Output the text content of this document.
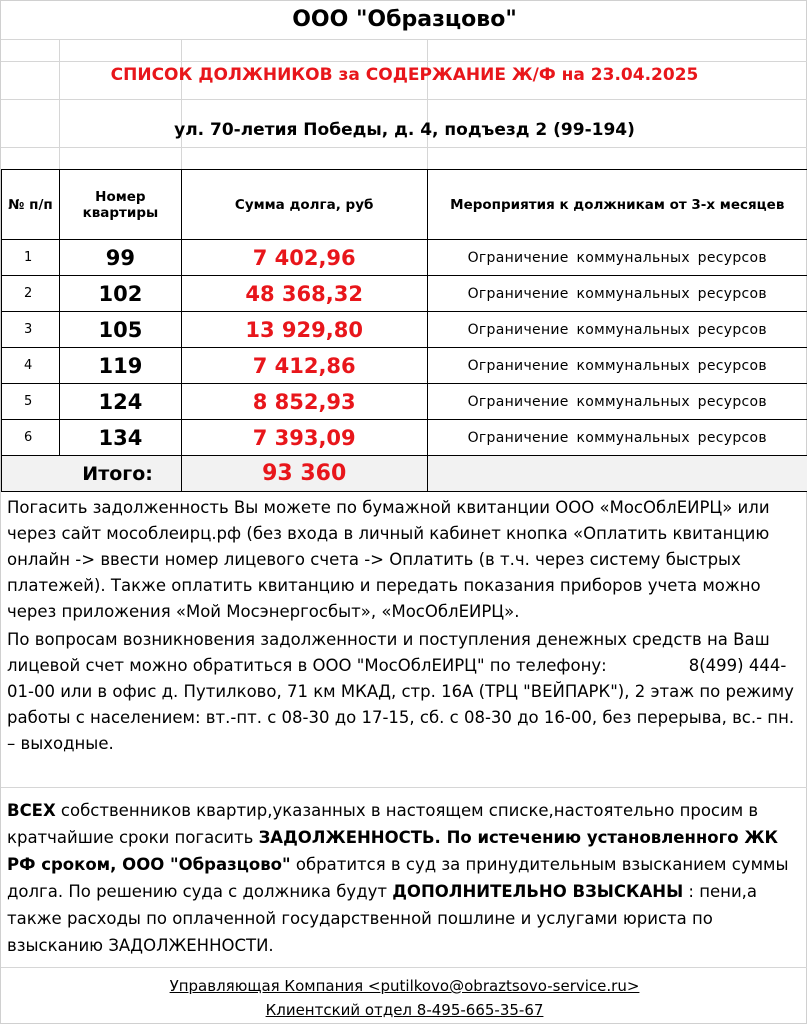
ООО "Образцово"
СПИСОК ДОЛЖНИКОВ за СОДЕРЖАНИЕ Ж/Ф на 23.04.2025
ул. 70-летия Победы, д. 4, подъезд 2 (99-194)
№ п/п	Номер квартиры	Сумма долга, руб	Мероприятия к должникам от 3-х месяцев
1	99	7 402,96	Ограничение коммунальных ресурсов
2	102	48 368,32	Ограничение коммунальных ресурсов
3	105	13 929,80	Ограничение коммунальных ресурсов
4	119	7 412,86	Ограничение коммунальных ресурсов
5	124	8 852,93	Ограничение коммунальных ресурсов
6	134	7 393,09	Ограничение коммунальных ресурсов
Итого:		93 360	
Погасить задолженность Вы можете по бумажной квитанции ООО «МосОблЕИРЦ» или через сайт мособлеирц.рф (без входа в личный кабинет кнопка «Оплатить квитанцию онлайн -> ввести номер лицевого счета -> Оплатить (в т.ч. через систему быстрых платежей). Также оплатить квитанцию и передать показания приборов учета можно через приложения «Мой Мосэнергосбыт», «МосОблЕИРЦ».
По вопросам возникновения задолженности и поступления денежных средств на Ваш лицевой счет можно обратиться в ООО "МосОблЕИРЦ" по телефону:	8(499) 444-01-00 или в офис д. Путилково, 71 км МКАД, стр. 16А (ТРЦ "ВЕЙПАРК"), 2 этаж по режиму работы с населением: вт.-пт. с 08-30 до 17-15, сб. с 08-30 до 16-00, без перерыва, вс.- пн. – выходные.
ВСЕХ собственников квартир,указанных в настоящем списке,настоятельно просим в кратчайшие сроки погасить ЗАДОЛЖЕННОСТЬ. По истечению установленного ЖК РФ сроком, ООО "Образцово" обратится в суд за принудительным взысканием суммы долга. По решению суда с должника будут ДОПОЛНИТЕЛЬНО ВЗЫСКАНЫ : пени,а также расходы по оплаченной государственной пошлине и услугами юриста по взысканию ЗАДОЛЖЕННОСТИ.
Управляющая Компания <putilkovo@obraztsovo-service.ru>
Клиентский отдел 8-495-665-35-67
